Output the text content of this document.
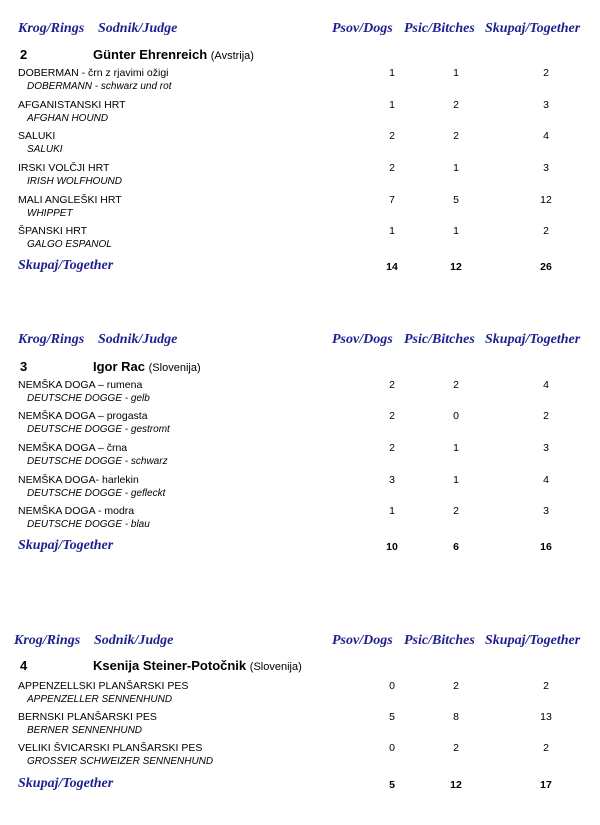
Krog/Rings Sodnik/Judge	Psov/Dogs Psic/Bitches Skupaj/Together
2	Günter Ehrenreich (Avstrija)
DOBERMAN - črn z rjavimi ožigi
DOBERMANN - schwarz und rot
1	1	2
AFGANISTANSKI HRT
AFGHAN HOUND
1	2	3
SALUKI
SALUKI
2	2	4
IRSKI VOLČJI HRT
IRISH WOLFHOUND
2	1	3
MALI ANGLEŠKI HRT
WHIPPET
7	5	12
ŠPANSKI HRT
GALGO ESPANOL
1	1	2
Skupaj/Together	14	12	26
Krog/Rings Sodnik/Judge	Psov/Dogs Psic/Bitches Skupaj/Together
3	Igor Rac (Slovenija)
NEMŠKA DOGA – rumena
DEUTSCHE DOGGE - gelb
2	2	4
NEMŠKA DOGA – progasta
DEUTSCHE DOGGE - gestromt
2	0	2
NEMŠKA DOGA – črna
DEUTSCHE DOGGE - schwarz
2	1	3
NEMŠKA DOGA- harlekin
DEUTSCHE DOGGE - gefleckt
3	1	4
NEMŠKA DOGA - modra
DEUTSCHE DOGGE - blau
1	2	3
Skupaj/Together	10	6	16
Krog/Rings Sodnik/Judge	Psov/Dogs Psic/Bitches Skupaj/Together
4	Ksenija Steiner-Potočnik (Slovenija)
APPENZELLSKI PLANŠARSKI PES
APPENZELLER SENNENHUND
0	2	2
BERNSKI PLANŠARSKI PES
BERNER SENNENHUND
5	8	13
VELIKI ŠVICARSKI PLANŠARSKI PES
GROSSER SCHWEIZER SENNENHUND
0	2	2
Skupaj/Together	5	12	17
